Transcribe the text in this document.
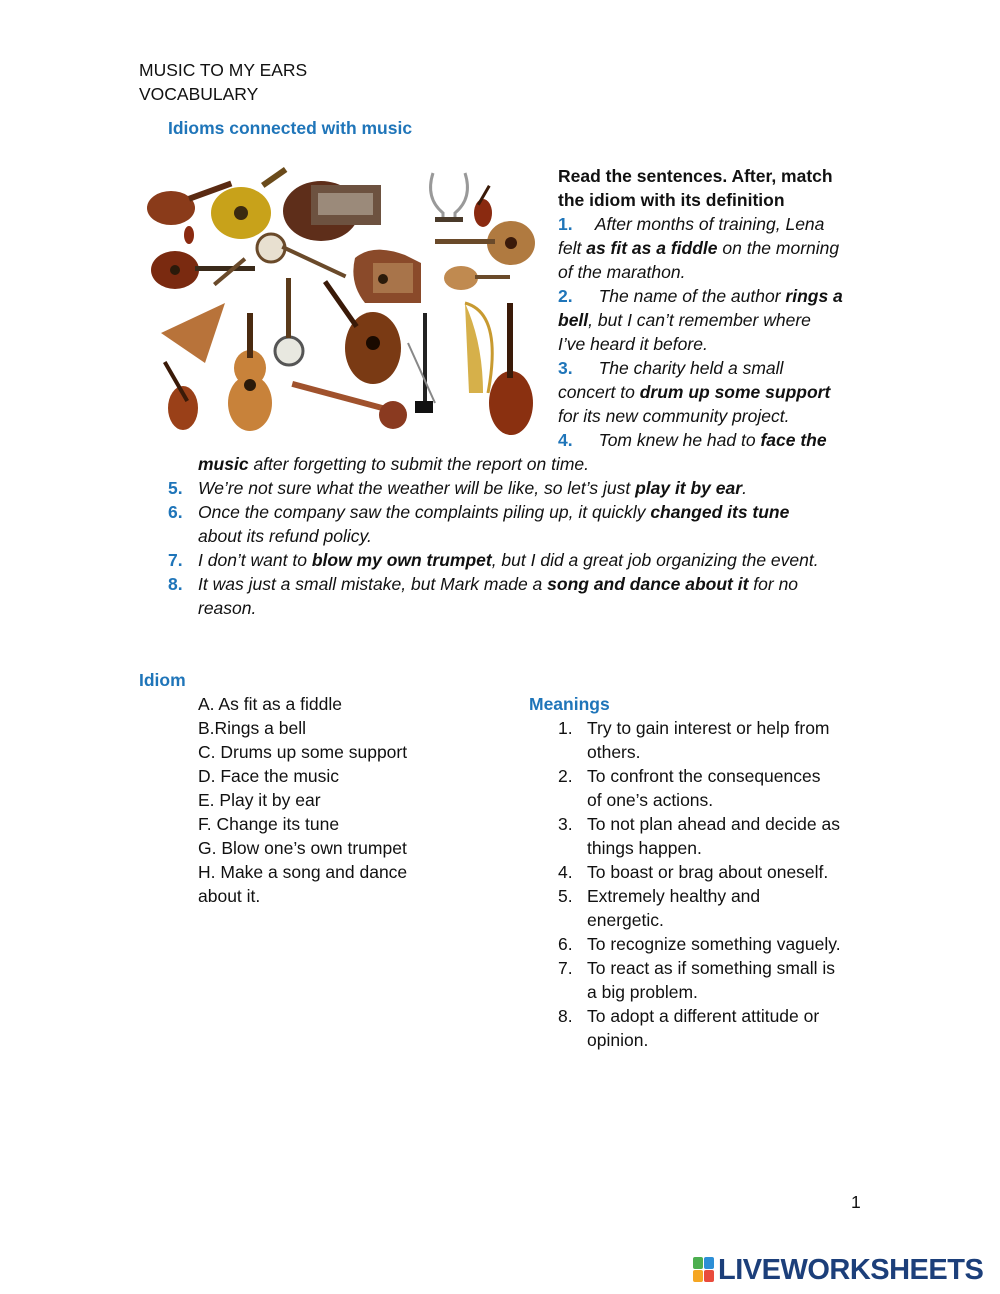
MUSIC TO MY EARS
VOCABULARY
Idioms connected with music
Read the sentences. After, match
the idiom with its definition
1. After months of training, Lena
felt as fit as a fiddle on the morning
of the marathon.
2. The name of the author rings a
bell, but I can’t remember where
I’ve heard it before.
3. The charity held a small
concert to drum up some support
for its new community project.
4. Tom knew he had to face the
music after forgetting to submit the report on time.
5. We’re not sure what the weather will be like, so let’s just play it by ear.
6. Once the company saw the complaints piling up, it quickly changed its tune
about its refund policy.
7. I don’t want to blow my own trumpet, but I did a great job organizing the event.
8. It was just a small mistake, but Mark made a song and dance about it for no
reason.
Idiom
A. As fit as a fiddle
B.Rings a bell
C. Drums up some support
D. Face the music
E. Play it by ear
F. Change its tune
G. Blow one’s own trumpet
H. Make a song and dance
about it.
Meanings
1. Try to gain interest or help from
others.
2. To confront the consequences
of one’s actions.
3. To not plan ahead and decide as
things happen.
4. To boast or brag about oneself.
5. Extremely healthy and
energetic.
6. To recognize something vaguely.
7. To react as if something small is
a big problem.
8. To adopt a different attitude or
opinion.
1
LIVEWORKSHEETS
